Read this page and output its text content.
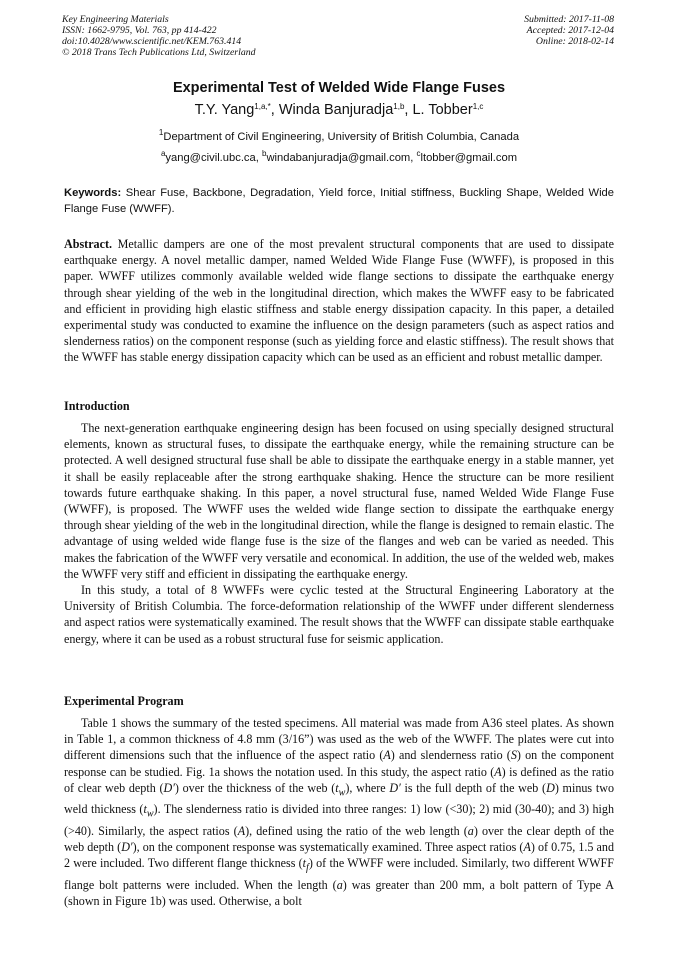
Key Engineering Materials
ISSN: 1662-9795, Vol. 763, pp 414-422
doi:10.4028/www.scientific.net/KEM.763.414
© 2018 Trans Tech Publications Ltd, Switzerland
Submitted: 2017-11-08
Accepted: 2017-12-04
Online: 2018-02-14
Experimental Test of Welded Wide Flange Fuses
T.Y. Yang$^{1,a,*}$, Winda Banjuradja$^{1,b}$, L. Tobber$^{1,c}$
$^1$Department of Civil Engineering, University of British Columbia, Canada
$^a$yang@civil.ubc.ca, $^b$windabanjuradja@gmail.com, $^c$ltobber@gmail.com
Keywords: Shear Fuse, Backbone, Degradation, Yield force, Initial stiffness, Buckling Shape, Welded Wide Flange Fuse (WWFF).

Abstract. Metallic dampers are one of the most prevalent structural components that are used to dissipate earthquake energy. A novel metallic damper, named Welded Wide Flange Fuse (WWFF), is proposed in this paper. WWFF utilizes commonly available welded wide flange sections to dissipate the earthquake energy through shear yielding of the web in the longitudinal direction, which makes the WWFF easy to be fabricated and efficient in providing high elastic stiffness and stable energy dissipation capacity. In this paper, a detailed experimental study was conducted to examine the influence on the design parameters (such as aspect ratios and slenderness ratios) on the component response (such as yielding force and elastic stiffness). The result shows that the WWFF has stable energy dissipation capacity which can be used as an efficient and robust metallic damper.

Introduction

The next-generation earthquake engineering design has been focused on using specially designed structural elements, known as structural fuses, to dissipate the earthquake energy, while the remaining structure can be protected. A well designed structural fuse shall be able to dissipate the earthquake energy in a stable manner, yet it shall be easily replaceable after the strong earthquake shaking. Hence the structure can be more resilient towards future earthquake shaking. In this paper, a novel structural fuse, named Welded Wide Flange Fuse (WWFF), is proposed. The WWFF uses the welded wide flange section to dissipate the earthquake energy through shear yielding of the web in the longitudinal direction, while the flange is designed to remain elastic. The advantage of using welded wide flange fuse is the size of the flanges and web can be varied as needed. This makes the fabrication of the WWFF very versatile and economical. In addition, the use of the welded web, makes the WWFF very stiff and efficient in dissipating the earthquake energy.

In this study, a total of 8 WWFFs were cyclic tested at the Structural Engineering Laboratory at the University of British Columbia. The force-deformation relationship of the WWFF under different slenderness and aspect ratios were systematically examined. The result shows that the WWFF can dissipate stable earthquake energy, where it can be used as a robust structural fuse for seismic application.

Experimental Program

Table 1 shows the summary of the tested specimens. All material was made from A36 steel plates. As shown in Table 1, a common thickness of 4.8 mm (3/16”) was used as the web of the WWFF. The plates were cut into different dimensions such that the influence of the aspect ratio (A) and slenderness ratio (S) on the component response can be studied. Fig. 1a shows the notation used. In this study, the aspect ratio (A) is defined as the ratio of clear web depth (D′) over the thickness of the web $(t_w)$, where D′ is the full depth of the web (D) minus two weld thickness $(t_w)$. The slenderness ratio is divided into three ranges: 1) low (<30); 2) mid (30-40); and 3) high (>40). Similarly, the aspect ratios (A), defined using the ratio of the web length (a) over the clear depth of the web depth (D′), on the component response was systematically examined. Three aspect ratios (A) of 0.75, 1.5 and 2 were included. Two different flange thickness $(t_f)$ of the WWFF were included. Similarly, two different WWFF flange bolt patterns were included. When the length (a) was greater than 200 mm, a bolt pattern of Type A (shown in Figure 1b) was used. Otherwise, a bolt
